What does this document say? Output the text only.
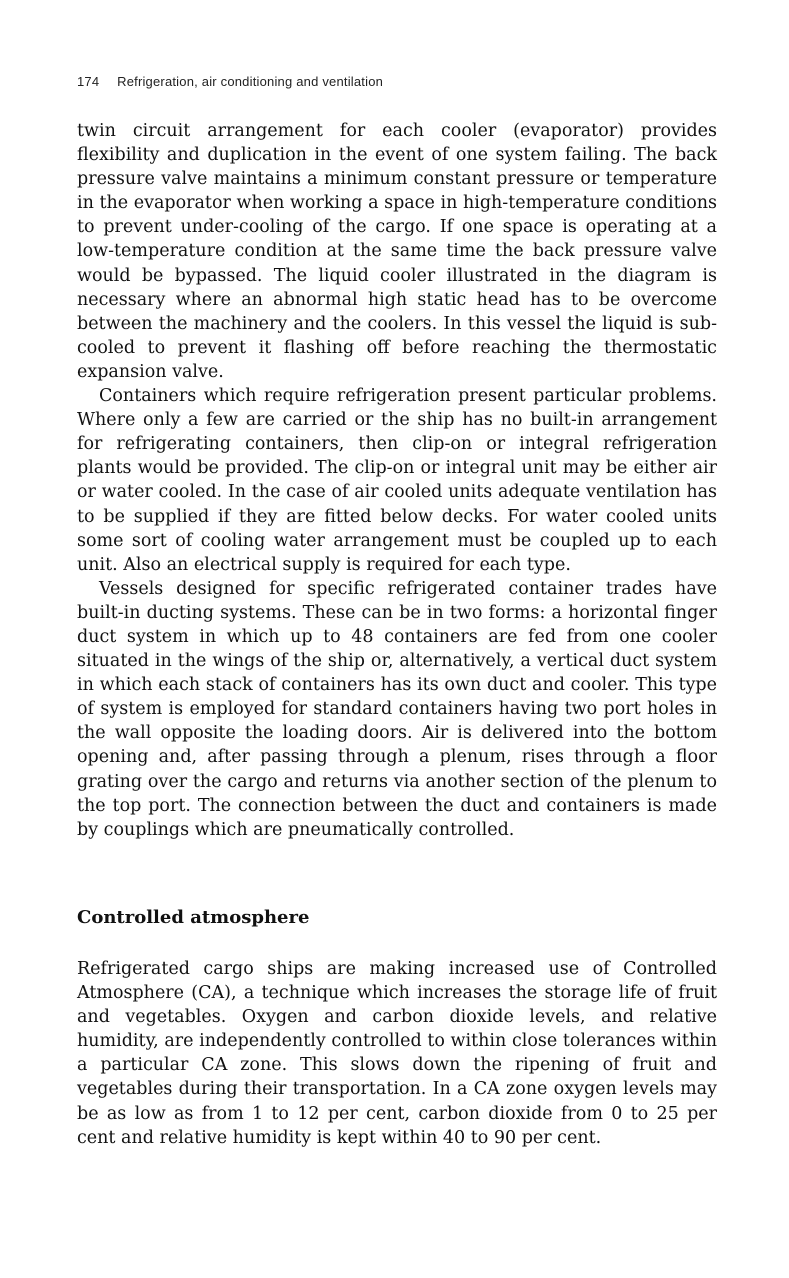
174 Refrigeration, air conditioning and ventilation

twin circuit arrangement for each cooler (evaporator) provides flexibility and duplication in the event of one system failing. The back pressure valve maintains a minimum constant pressure or temperature in the evaporator when working a space in high-temperature conditions to prevent under-cooling of the cargo. If one space is operating at a low-temperature condition at the same time the back pressure valve would be bypassed. The liquid cooler illustrated in the diagram is necessary where an abnormal high static head has to be overcome between the machinery and the coolers. In this vessel the liquid is sub-cooled to prevent it flashing off before reaching the thermostatic expansion valve.

Containers which require refrigeration present particular problems. Where only a few are carried or the ship has no built-in arrangement for refrigerating containers, then clip-on or integral refrigeration plants would be provided. The clip-on or integral unit may be either air or water cooled. In the case of air cooled units adequate ventilation has to be supplied if they are fitted below decks. For water cooled units some sort of cooling water arrangement must be coupled up to each unit. Also an electrical supply is required for each type.

Vessels designed for specific refrigerated container trades have built-in ducting systems. These can be in two forms: a horizontal finger duct system in which up to 48 containers are fed from one cooler situated in the wings of the ship or, alternatively, a vertical duct system in which each stack of containers has its own duct and cooler. This type of system is employed for standard containers having two port holes in the wall opposite the loading doors. Air is delivered into the bottom opening and, after passing through a plenum, rises through a floor grating over the cargo and returns via another section of the plenum to the top port. The connection between the duct and containers is made by couplings which are pneumatically controlled.

Controlled atmosphere

Refrigerated cargo ships are making increased use of Controlled Atmosphere (CA), a technique which increases the storage life of fruit and vegetables. Oxygen and carbon dioxide levels, and relative humidity, are independently controlled to within close tolerances within a particular CA zone. This slows down the ripening of fruit and vegetables during their transportation. In a CA zone oxygen levels may be as low as from 1 to 12 per cent, carbon dioxide from 0 to 25 per cent and relative humidity is kept within 40 to 90 per cent.
